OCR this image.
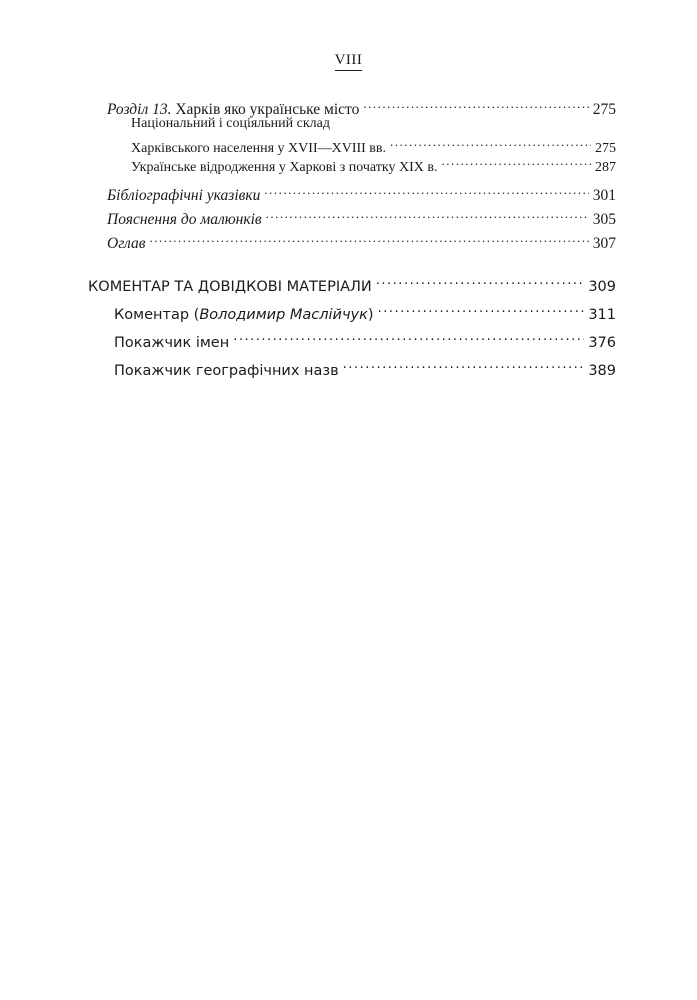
VIII
Розділ 13. Харків яко українське місто .....	275
Національний і соціяльний склад
Харківського населення у XVII—XVIII вв. .....	275
Українське відродження у Харкові з початку XIX в. .....	287
Бібліографічні указівки .....	301
Пояснення до малюнків .....	305
Оглав .....	307
КОМЕНТАР ТА ДОВІДКОВІ МАТЕРІАЛИ .....	309
Коментар (Володимир Маслійчук) .....	311
Покажчик імен .....	376
Покажчик географічних назв .....	389
